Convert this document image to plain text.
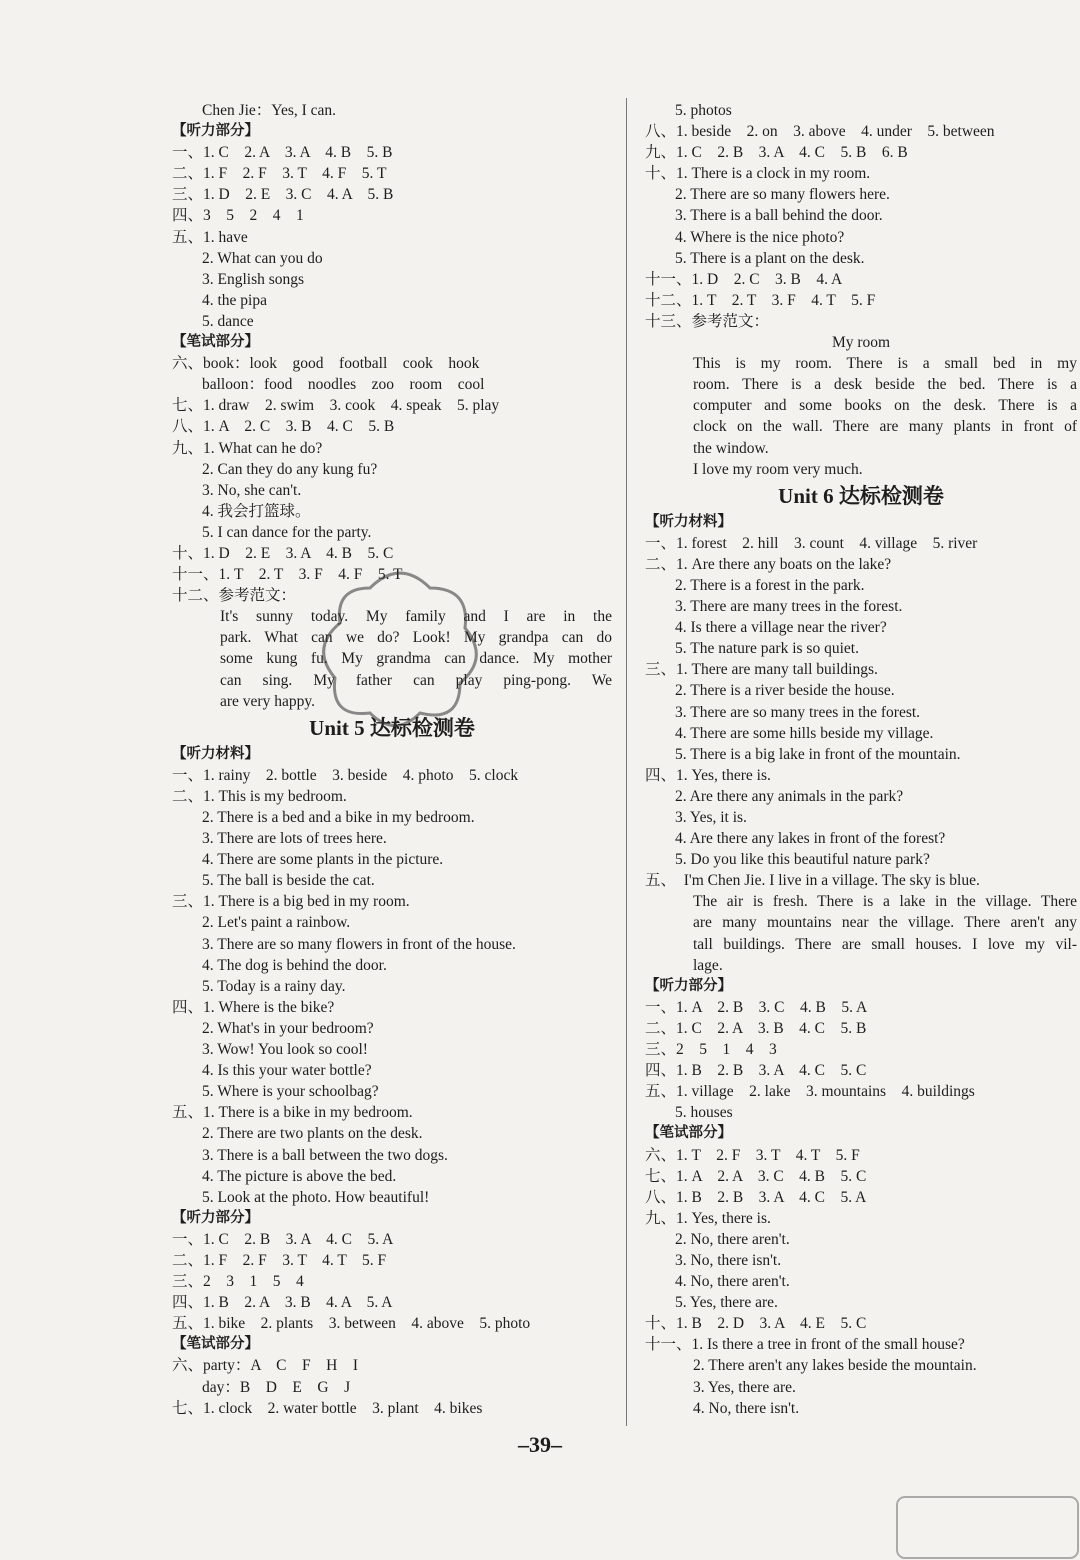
Chen Jie：Yes, I can.
【听力部分】
一、1. C　2. A　3. A　4. B　5. B
二、1. F　2. F　3. T　4. F　5. T
三、1. D　2. E　3. C　4. A　5. B
四、3　5　2　4　1
五、1. have
2. What can you do
3. English songs
4. the pipa
5. dance
【笔试部分】
六、book：look　good　football　cook　hook
balloon：food　noodles　zoo　room　cool
七、1. draw　2. swim　3. cook　4. speak　5. play
八、1. A　2. C　3. B　4. C　5. B
九、1. What can he do?
2. Can they do any kung fu?
3. No, she can't.
4. 我会打篮球。
5. I can dance for the party.
十、1. D　2. E　3. A　4. B　5. C
十一、1. T　2. T　3. F　4. F　5. T
十二、参考范文：
It's sunny today. My family and I are in the
park. What can we do? Look! My grandpa can do
some kung fu. My grandma can dance. My mother
can sing. My father can play ping-pong. We
are very happy.
Unit 5 达标检测卷
【听力材料】
一、1. rainy　2. bottle　3. beside　4. photo　5. clock
二、1. This is my bedroom.
2. There is a bed and a bike in my bedroom.
3. There are lots of trees here.
4. There are some plants in the picture.
5. The ball is beside the cat.
三、1. There is a big bed in my room.
2. Let's paint a rainbow.
3. There are so many flowers in front of the house.
4. The dog is behind the door.
5. Today is a rainy day.
四、1. Where is the bike?
2. What's in your bedroom?
3. Wow! You look so cool!
4. Is this your water bottle?
5. Where is your schoolbag?
五、1. There is a bike in my bedroom.
2. There are two plants on the desk.
3. There is a ball between the two dogs.
4. The picture is above the bed.
5. Look at the photo. How beautiful!
【听力部分】
一、1. C　2. B　3. A　4. C　5. A
二、1. F　2. F　3. T　4. T　5. F
三、2　3　1　5　4
四、1. B　2. A　3. B　4. A　5. A
五、1. bike　2. plants　3. between　4. above　5. photo
【笔试部分】
六、party：A　C　F　H　I
day：B　D　E　G　J
七、1. clock　2. water bottle　3. plant　4. bikes
5. photos
八、1. beside　2. on　3. above　4. under　5. between
九、1. C　2. B　3. A　4. C　5. B　6. B
十、1. There is a clock in my room.
2. There are so many flowers here.
3. There is a ball behind the door.
4. Where is the nice photo?
5. There is a plant on the desk.
十一、1. D　2. C　3. B　4. A
十二、1. T　2. T　3. F　4. T　5. F
十三、参考范文：
My room
This is my room. There is a small bed in my
room. There is a desk beside the bed. There is a
computer and some books on the desk. There is a
clock on the wall. There are many plants in front of
the window.
I love my room very much.
Unit 6 达标检测卷
【听力材料】
一、1. forest　2. hill　3. count　4. village　5. river
二、1. Are there any boats on the lake?
2. There is a forest in the park.
3. There are many trees in the forest.
4. Is there a village near the river?
5. The nature park is so quiet.
三、1. There are many tall buildings.
2. There is a river beside the house.
3. There are so many trees in the forest.
4. There are some hills beside my village.
5. There is a big lake in front of the mountain.
四、1. Yes, there is.
2. Are there any animals in the park?
3. Yes, it is.
4. Are there any lakes in front of the forest?
5. Do you like this beautiful nature park?
五、　I'm Chen Jie. I live in a village. The sky is blue.
The air is fresh. There is a lake in the village. There
are many mountains near the village. There aren't any
tall buildings. There are small houses. I love my vil-
lage.
【听力部分】
一、1. A　2. B　3. C　4. B　5. A
二、1. C　2. A　3. B　4. C　5. B
三、2　5　1　4　3
四、1. B　2. B　3. A　4. C　5. C
五、1. village　2. lake　3. mountains　4. buildings
5. houses
【笔试部分】
六、1. T　2. F　3. T　4. T　5. F
七、1. A　2. A　3. C　4. B　5. C
八、1. B　2. B　3. A　4. C　5. A
九、1. Yes, there is.
2. No, there aren't.
3. No, there isn't.
4. No, there aren't.
5. Yes, there are.
十、1. B　2. D　3. A　4. E　5. C
十一、1. Is there a tree in front of the small house?
2. There aren't any lakes beside the mountain.
3. Yes, there are.
4. No, there isn't.
–39–
